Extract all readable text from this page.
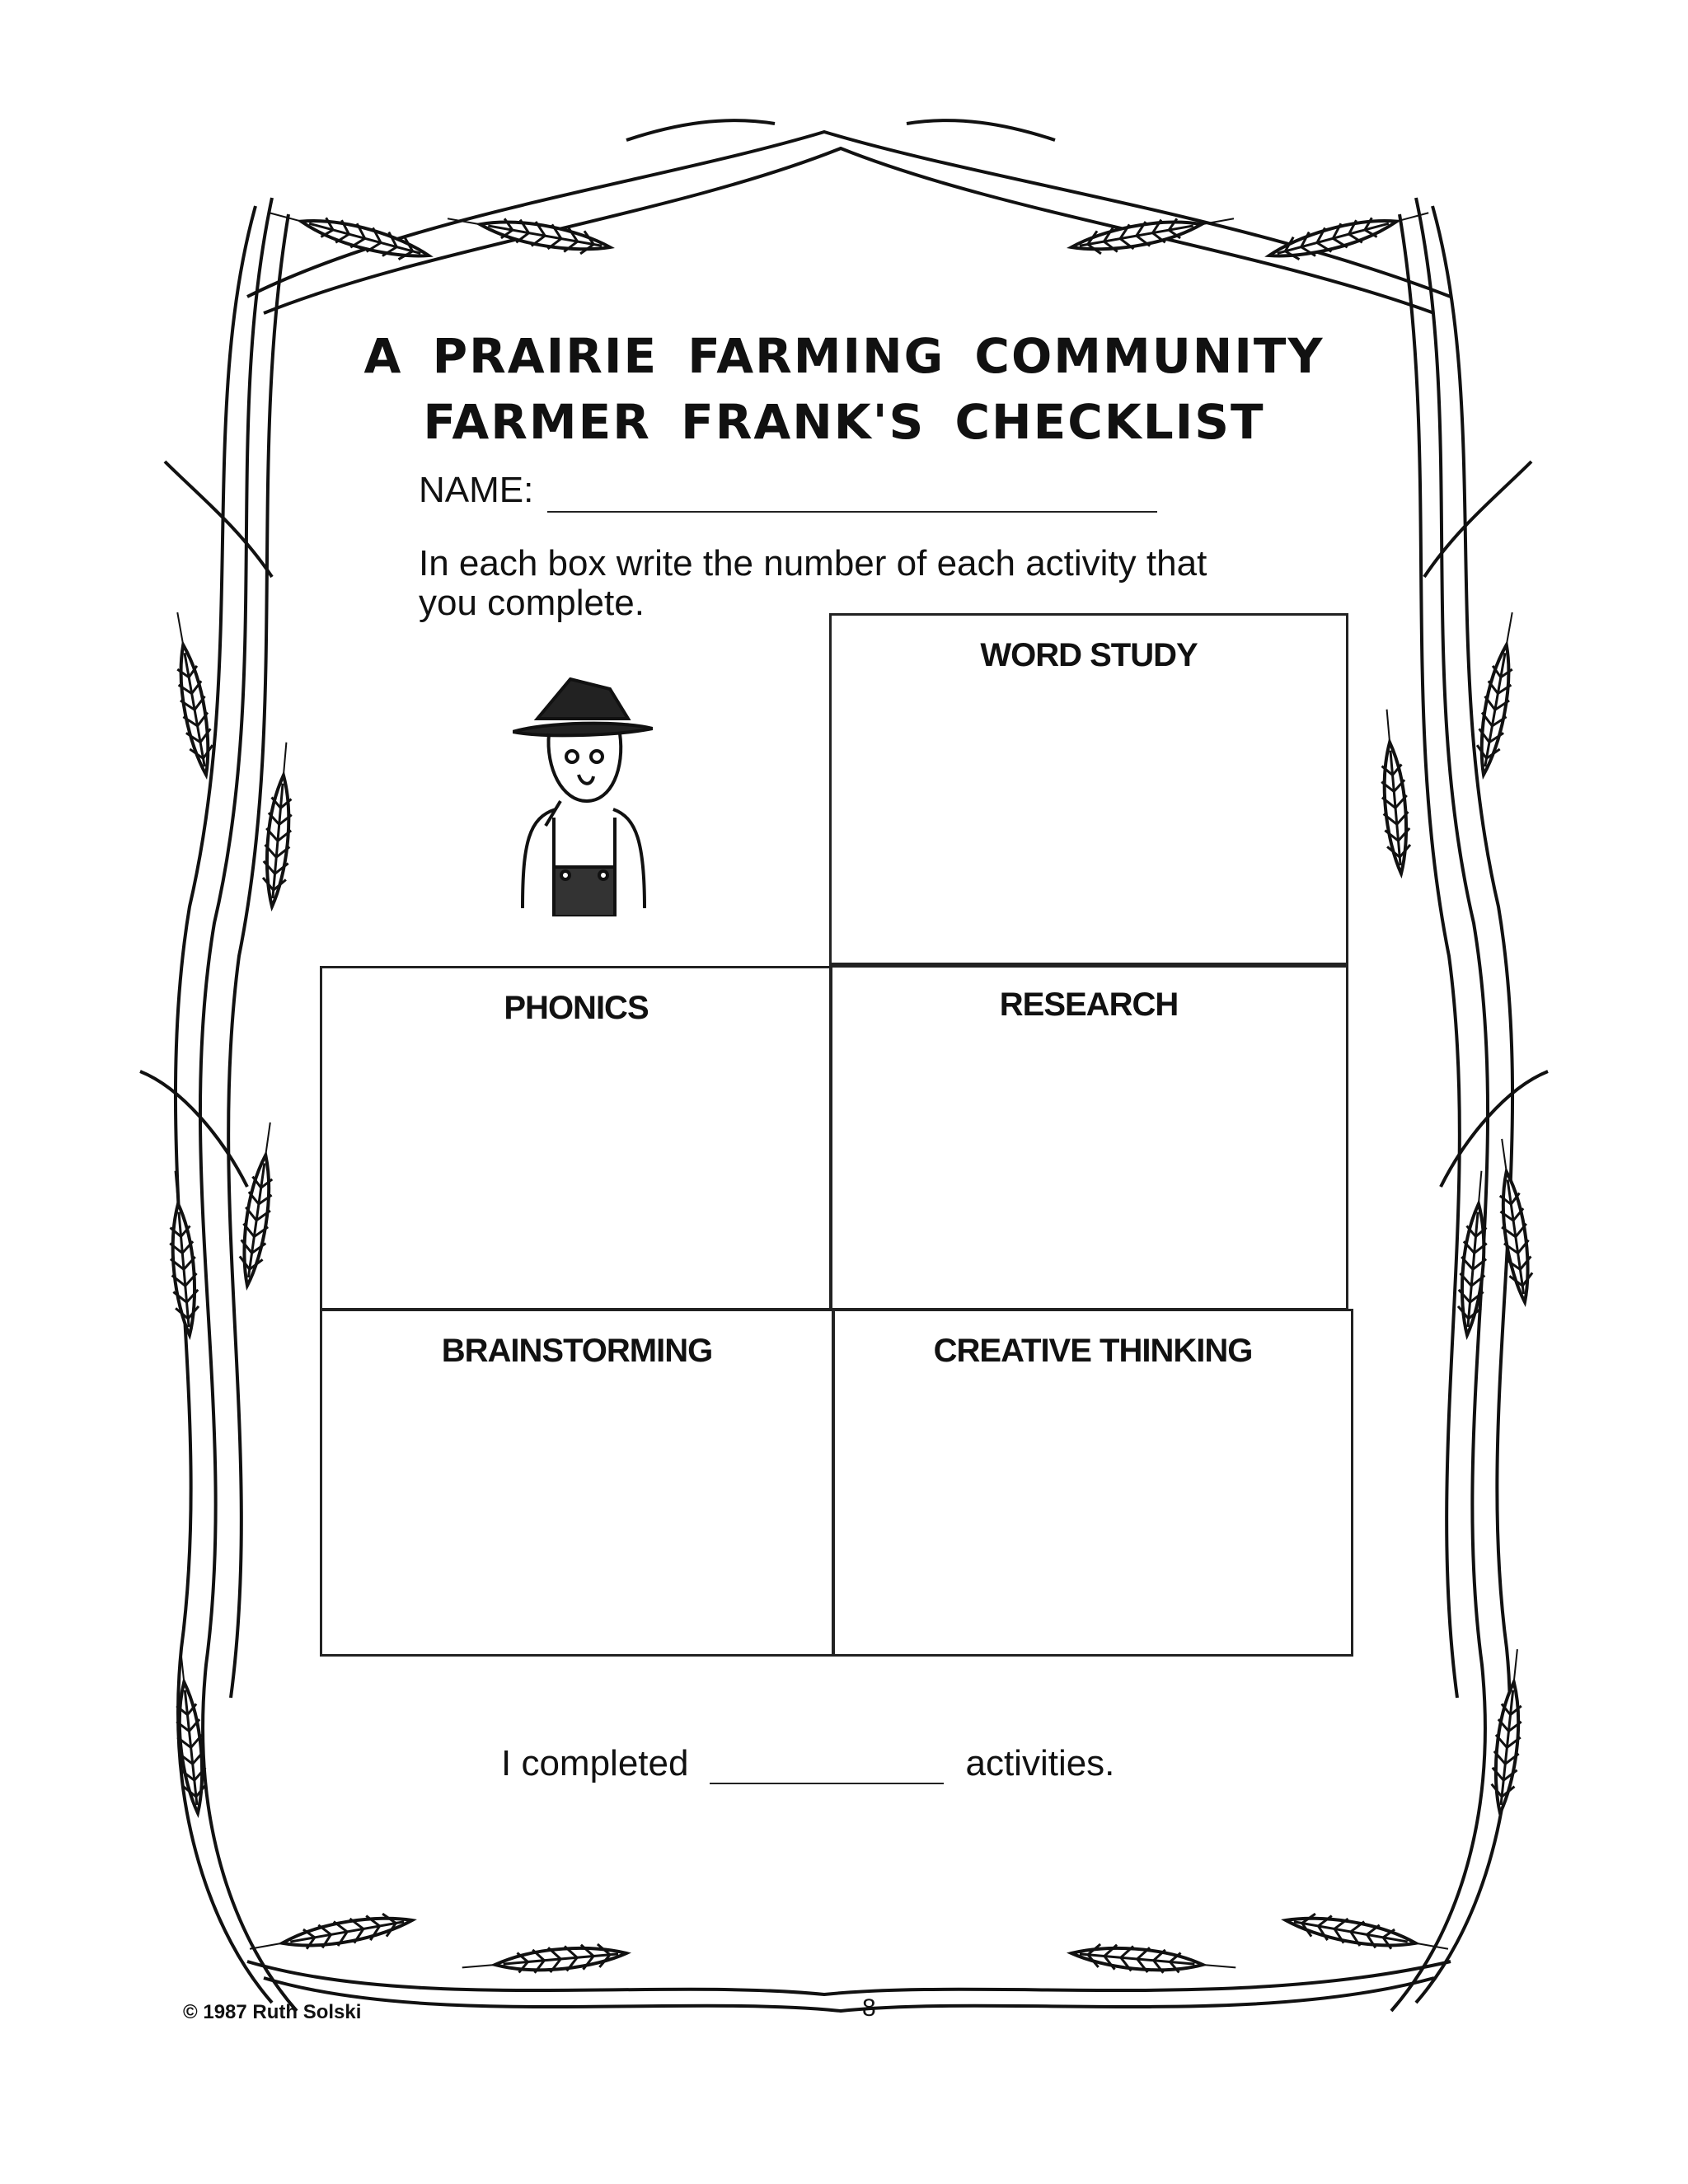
A PRAIRIE FARMING COMMUNITY
FARMER FRANK'S CHECKLIST
NAME:
In each box write the number of each activity that you complete.
WORD STUDY
PHONICS	RESEARCH
BRAINSTORMING	CREATIVE THINKING
I completed	activities.
© 1987 Ruth Solski	8
